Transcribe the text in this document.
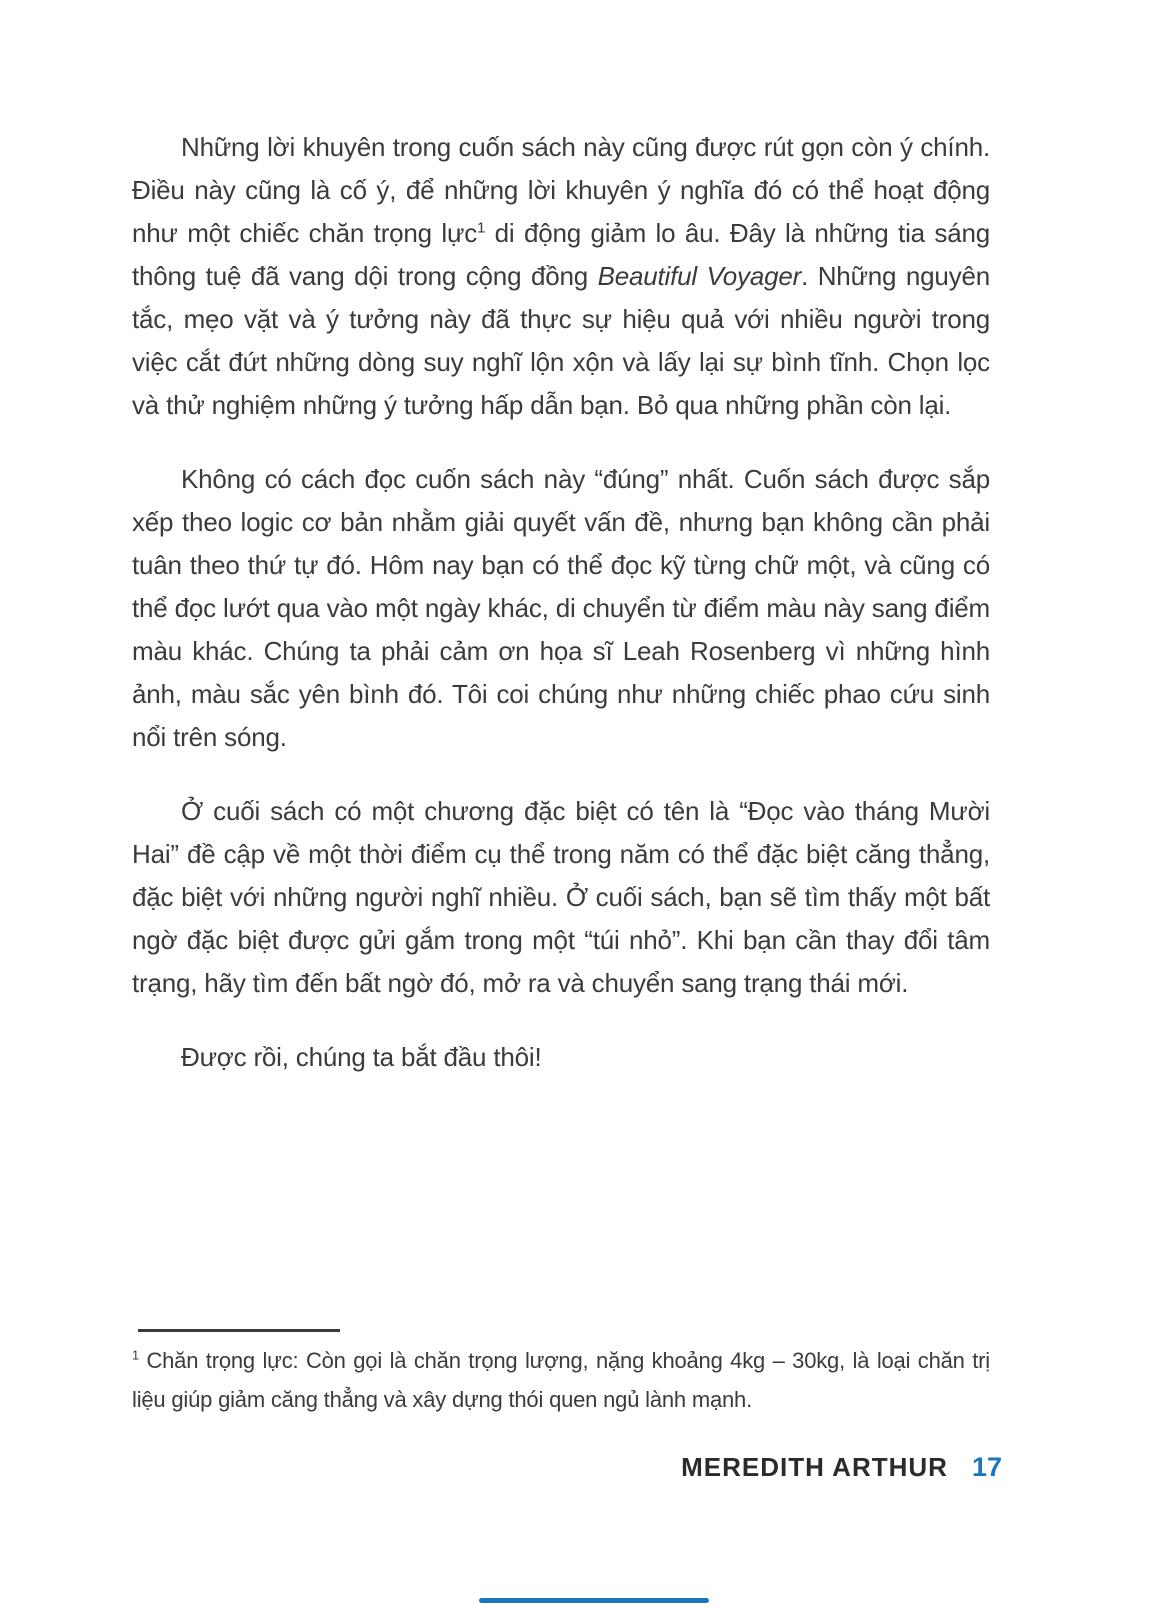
Những lời khuyên trong cuốn sách này cũng được rút gọn còn ý chính. Điều này cũng là cố ý, để những lời khuyên ý nghĩa đó có thể hoạt động như một chiếc chăn trọng lực$^1$ di động giảm lo âu. Đây là những tia sáng thông tuệ đã vang dội trong cộng đồng Beautiful Voyager. Những nguyên tắc, mẹo vặt và ý tưởng này đã thực sự hiệu quả với nhiều người trong việc cắt đứt những dòng suy nghĩ lộn xộn và lấy lại sự bình tĩnh. Chọn lọc và thử nghiệm những ý tưởng hấp dẫn bạn. Bỏ qua những phần còn lại.

Không có cách đọc cuốn sách này “đúng” nhất. Cuốn sách được sắp xếp theo logic cơ bản nhằm giải quyết vấn đề, nhưng bạn không cần phải tuân theo thứ tự đó. Hôm nay bạn có thể đọc kỹ từng chữ một, và cũng có thể đọc lướt qua vào một ngày khác, di chuyển từ điểm màu này sang điểm màu khác. Chúng ta phải cảm ơn họa sĩ Leah Rosenberg vì những hình ảnh, màu sắc yên bình đó. Tôi coi chúng như những chiếc phao cứu sinh nổi trên sóng.

Ở cuối sách có một chương đặc biệt có tên là “Đọc vào tháng Mười Hai” đề cập về một thời điểm cụ thể trong năm có thể đặc biệt căng thẳng, đặc biệt với những người nghĩ nhiều. Ở cuối sách, bạn sẽ tìm thấy một bất ngờ đặc biệt được gửi gắm trong một “túi nhỏ”. Khi bạn cần thay đổi tâm trạng, hãy tìm đến bất ngờ đó, mở ra và chuyển sang trạng thái mới.

Được rồi, chúng ta bắt đầu thôi!

$^1$ Chăn trọng lực: Còn gọi là chăn trọng lượng, nặng khoảng 4kg – 30kg, là loại chăn trị liệu giúp giảm căng thẳng và xây dựng thói quen ngủ lành mạnh.
MEREDITH ARTHUR 17
